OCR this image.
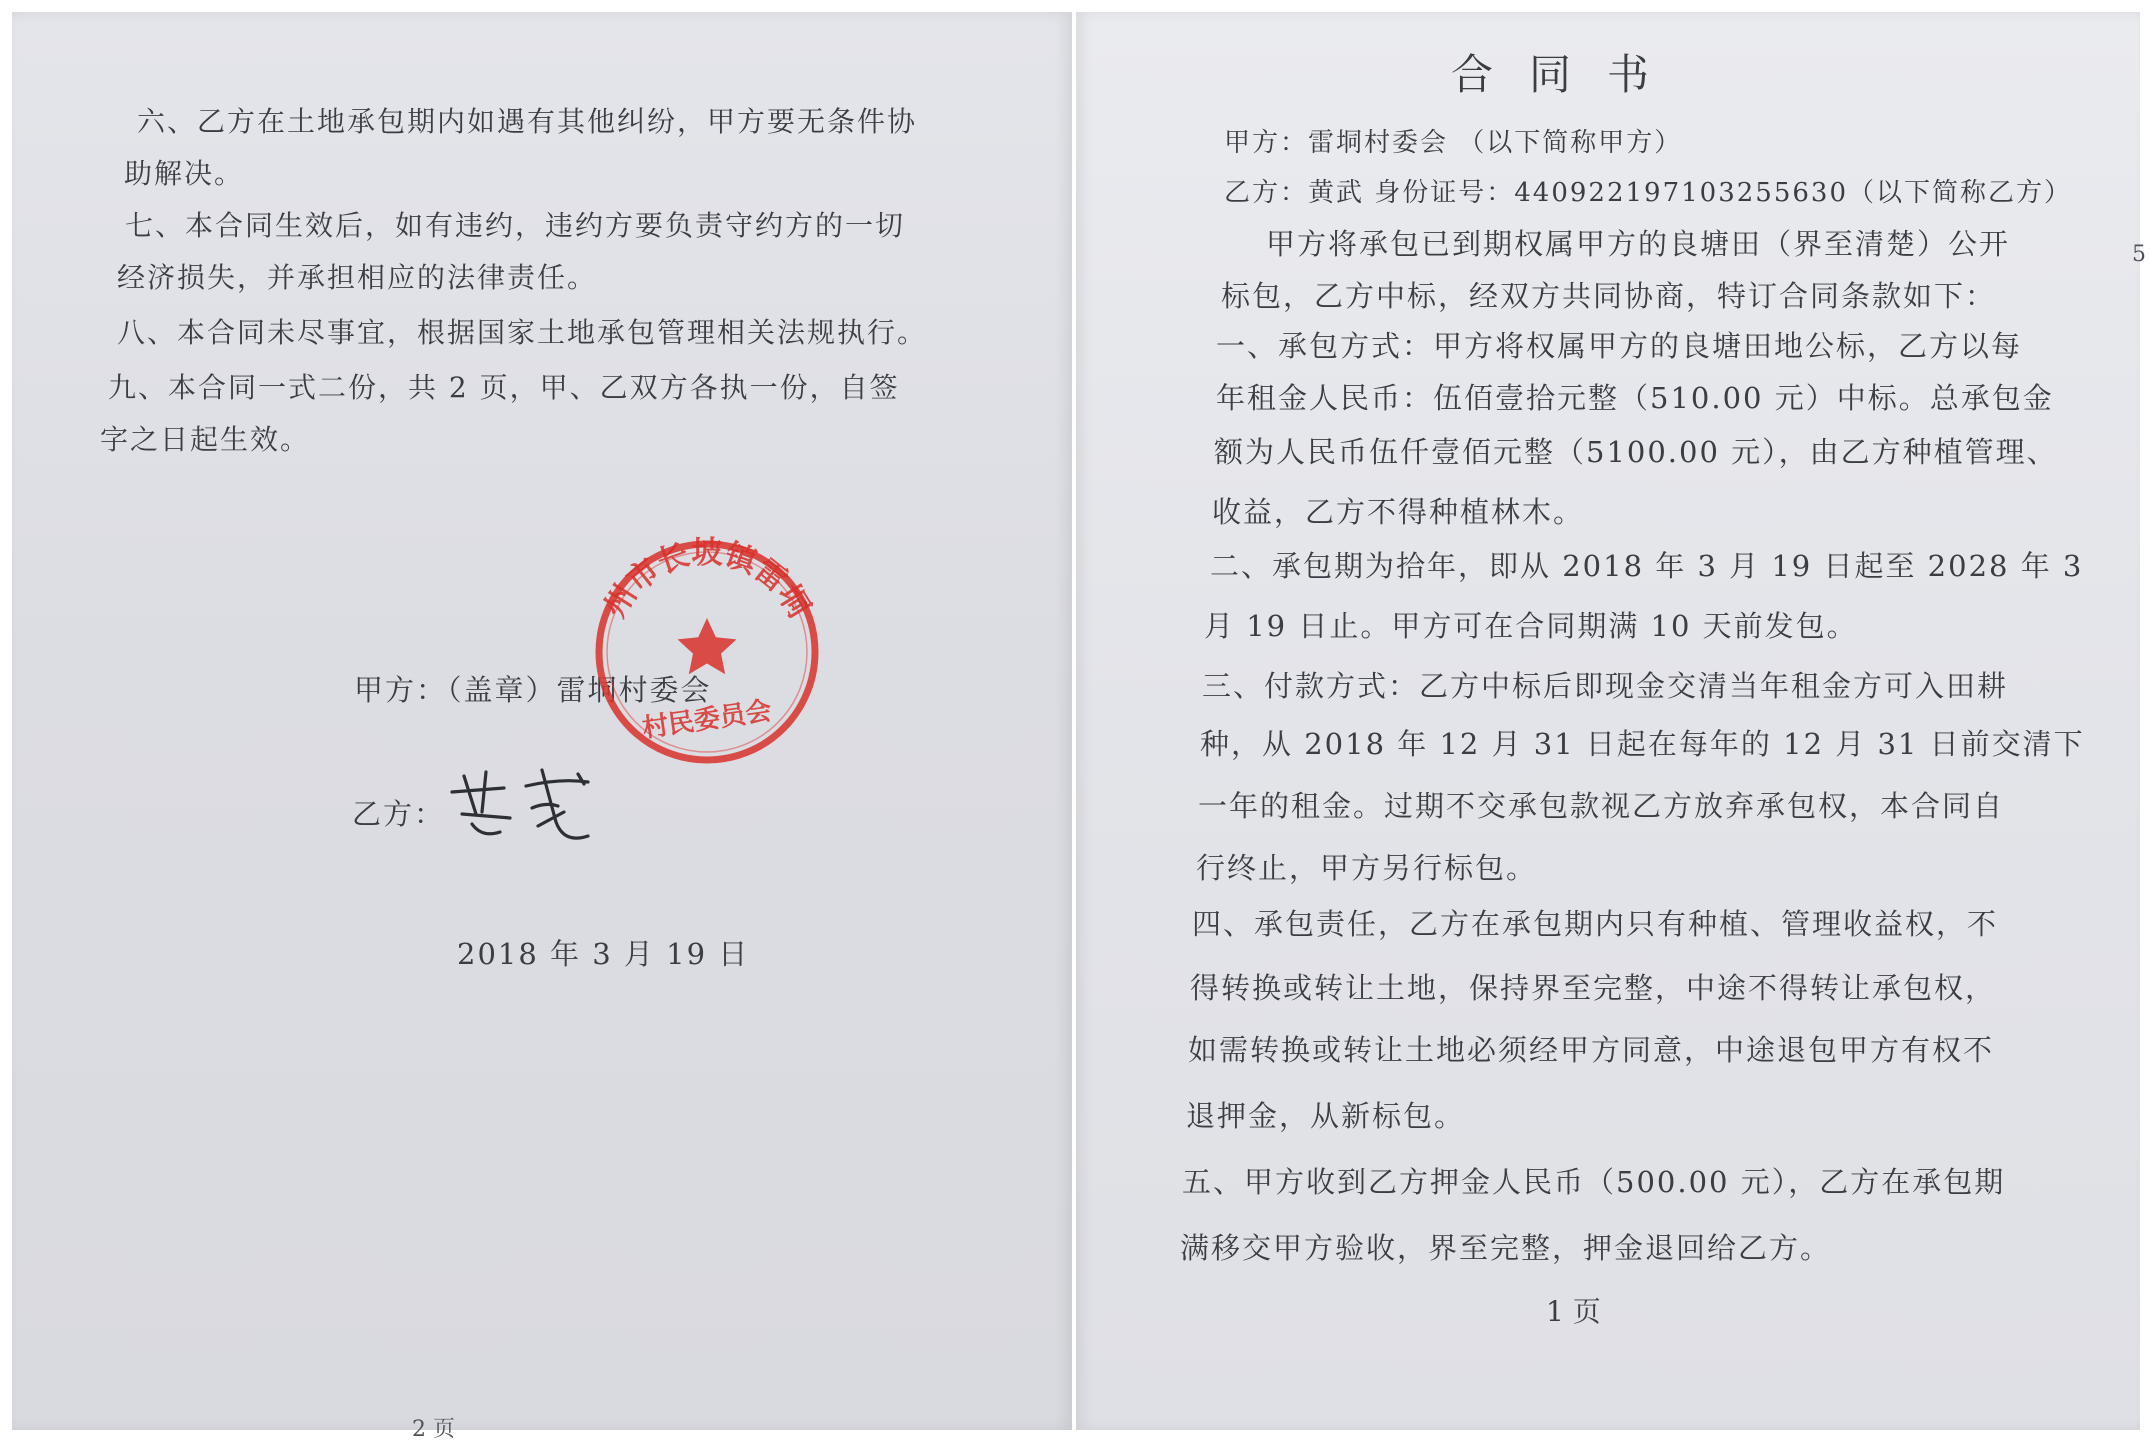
六、乙方在土地承包期内如遇有其他纠纷，甲方要无条件协
助解决。
七、本合同生效后，如有违约，违约方要负责守约方的一切
经济损失，并承担相应的法律责任。
八、本合同未尽事宜，根据国家土地承包管理相关法规执行。
九、本合同一式二份，共 2 页，甲、乙双方各执一份，自签
字之日起生效。
甲方：（盖章）雷垌村委会
州市长坡镇雷垌
村民委员会
乙方：
2018 年 3 月 19 日
2 页
合同书
甲方：雷垌村委会 （以下简称甲方）
乙方：黄武 身份证号：440922197103255630（以下简称乙方）
甲方将承包已到期权属甲方的良塘田（界至清楚）公开
标包，乙方中标，经双方共同协商，特订合同条款如下：
一、承包方式：甲方将权属甲方的良塘田地公标，乙方以每
年租金人民币：伍佰壹拾元整（510.00 元）中标。总承包金
额为人民币伍仟壹佰元整（5100.00 元），由乙方种植管理、
收益，乙方不得种植林木。
二、承包期为拾年，即从 2018 年 3 月 19 日起至 2028 年 3
月 19 日止。甲方可在合同期满 10 天前发包。
三、付款方式：乙方中标后即现金交清当年租金方可入田耕
种，从 2018 年 12 月 31 日起在每年的 12 月 31 日前交清下
一年的租金。过期不交承包款视乙方放弃承包权，本合同自
行终止，甲方另行标包。
四、承包责任，乙方在承包期内只有种植、管理收益权，不
得转换或转让土地，保持界至完整，中途不得转让承包权，
如需转换或转让土地必须经甲方同意，中途退包甲方有权不
退押金，从新标包。
五、甲方收到乙方押金人民币（500.00 元），乙方在承包期
满移交甲方验收，界至完整，押金退回给乙方。
1 页
5
